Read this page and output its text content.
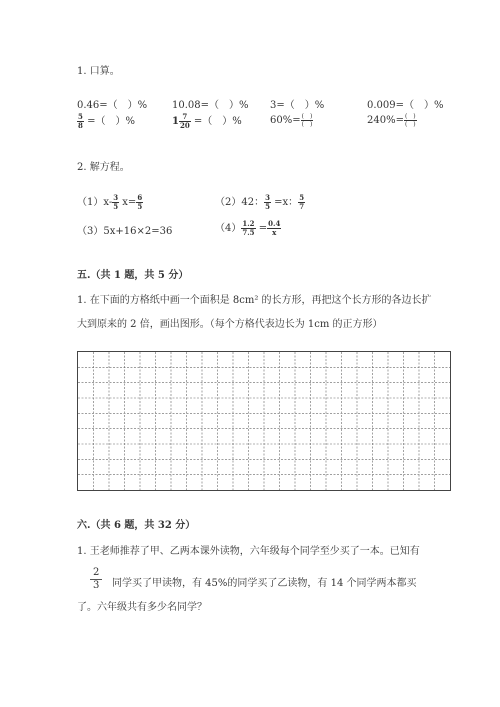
1. 口算。
0.46=（　）% 10.08=（　）% 3=（　）%	0.009=（　）%
$\frac{5}{8}$ =（　）%	$1 \frac{7}{20}$ =（　）%	$60\%= \frac{( )}{( )}$	$240\%= \frac{( )}{( )}$
2. 解方程。
$(1)x- \frac{3}{5} x= \frac{6}{5}$	（2）42： $\frac{3}{5} =x$： $\frac{5}{7}$
（3）5x+16×2=36	$(4) \frac{1.2}{7.5} = \frac{0.4}{x}$
五.（共 1 题，共 5 分）
1. 在下面的方格纸中画一个面积是 8cm² 的长方形，再把这个长方形的各边长扩
大到原来的 2 倍，画出图形。（每个方格代表边长为 1cm 的正方形）
六.（共 6 题，共 32 分）
1. 王老师推荐了甲、乙两本课外读物，六年级每个同学至少买了一本。已知有
$\frac{2}{3}$ 同学买了甲读物，有 45%的同学买了乙读物，有 14 个同学两本都买
了。六年级共有多少名同学？
